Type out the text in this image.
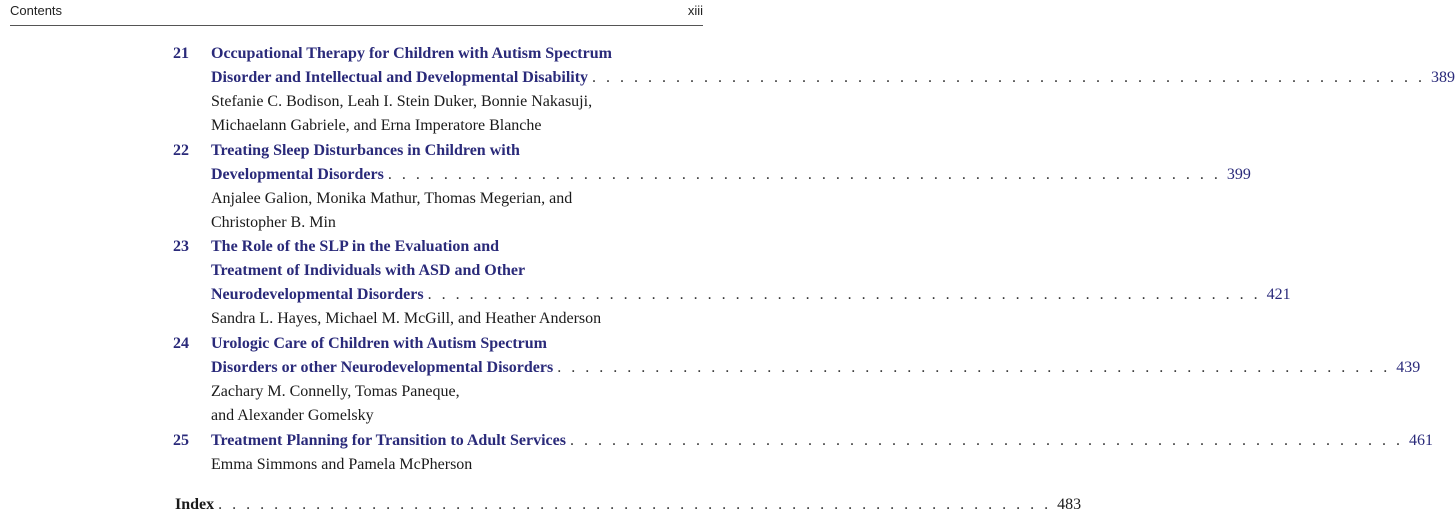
Contents	xiii
21	Occupational Therapy for Children with Autism Spectrum
Disorder and Intellectual and Developmental Disability . . . . . . . . . . . . . . . . . . . . . . . . . . . . . . . . . . . . . . . . . . . . . . . . . . . . . . . . . . . . 389
Stefanie C. Bodison, Leah I. Stein Duker, Bonnie Nakasuji,
Michaelann Gabriele, and Erna Imperatore Blanche
22	Treating Sleep Disturbances in Children with
Developmental Disorders . . . . . . . . . . . . . . . . . . . . . . . . . . . . . . . . . . . . . . . . . . . . . . . . . . . . . . . . . . . . 399
Anjalee Galion, Monika Mathur, Thomas Megerian, and
Christopher B. Min
23	The Role of the SLP in the Evaluation and
Treatment of Individuals with ASD and Other
Neurodevelopmental Disorders . . . . . . . . . . . . . . . . . . . . . . . . . . . . . . . . . . . . . . . . . . . . . . . . . . . . . . . . . . . . 421
Sandra L. Hayes, Michael M. McGill, and Heather Anderson
24	Urologic Care of Children with Autism Spectrum
Disorders or other Neurodevelopmental Disorders . . . . . . . . . . . . . . . . . . . . . . . . . . . . . . . . . . . . . . . . . . . . . . . . . . . . . . . . . . . . 439
Zachary M. Connelly, Tomas Paneque,
and Alexander Gomelsky
25	Treatment Planning for Transition to Adult Services . . . . . . . . . . . . . . . . . . . . . . . . . . . . . . . . . . . . . . . . . . . . . . . . . . . . . . . . . . . . 461
Emma Simmons and Pamela McPherson
Index . . . . . . . . . . . . . . . . . . . . . . . . . . . . . . . . . . . . . . . . . . . . . . . . . . . . . . . . . . . . 483
